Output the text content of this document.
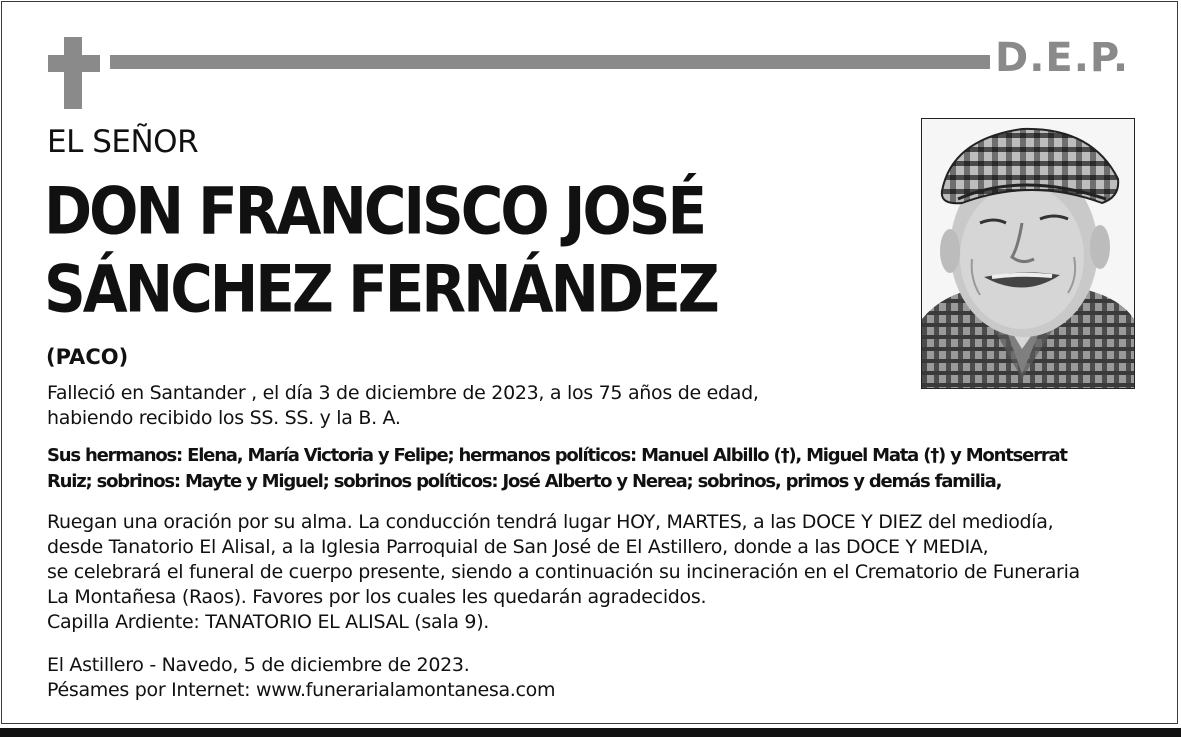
D.E.P.
EL SEÑOR
DON FRANCISCO JOSÉ
SÁNCHEZ FERNÁNDEZ
(PACO)
Falleció en Santander , el día 3 de diciembre de 2023, a los 75 años de edad,
habiendo recibido los SS. SS. y la B. A.
Sus hermanos: Elena, María Victoria y Felipe; hermanos políticos: Manuel Albillo (†), Miguel Mata (†) y Montserrat
Ruiz; sobrinos: Mayte y Miguel; sobrinos políticos: José Alberto y Nerea; sobrinos, primos y demás familia,
Ruegan una oración por su alma. La conducción tendrá lugar HOY, MARTES, a las DOCE Y DIEZ del mediodía,
desde Tanatorio El Alisal, a la Iglesia Parroquial de San José de El Astillero, donde a las DOCE Y MEDIA,
se celebrará el funeral de cuerpo presente, siendo a continuación su incineración en el Crematorio de Funeraria
La Montañesa (Raos). Favores por los cuales les quedarán agradecidos.
Capilla Ardiente: TANATORIO EL ALISAL (sala 9).
El Astillero - Navedo, 5 de diciembre de 2023.
Pésames por Internet: www.funerarialamontanesa.com
